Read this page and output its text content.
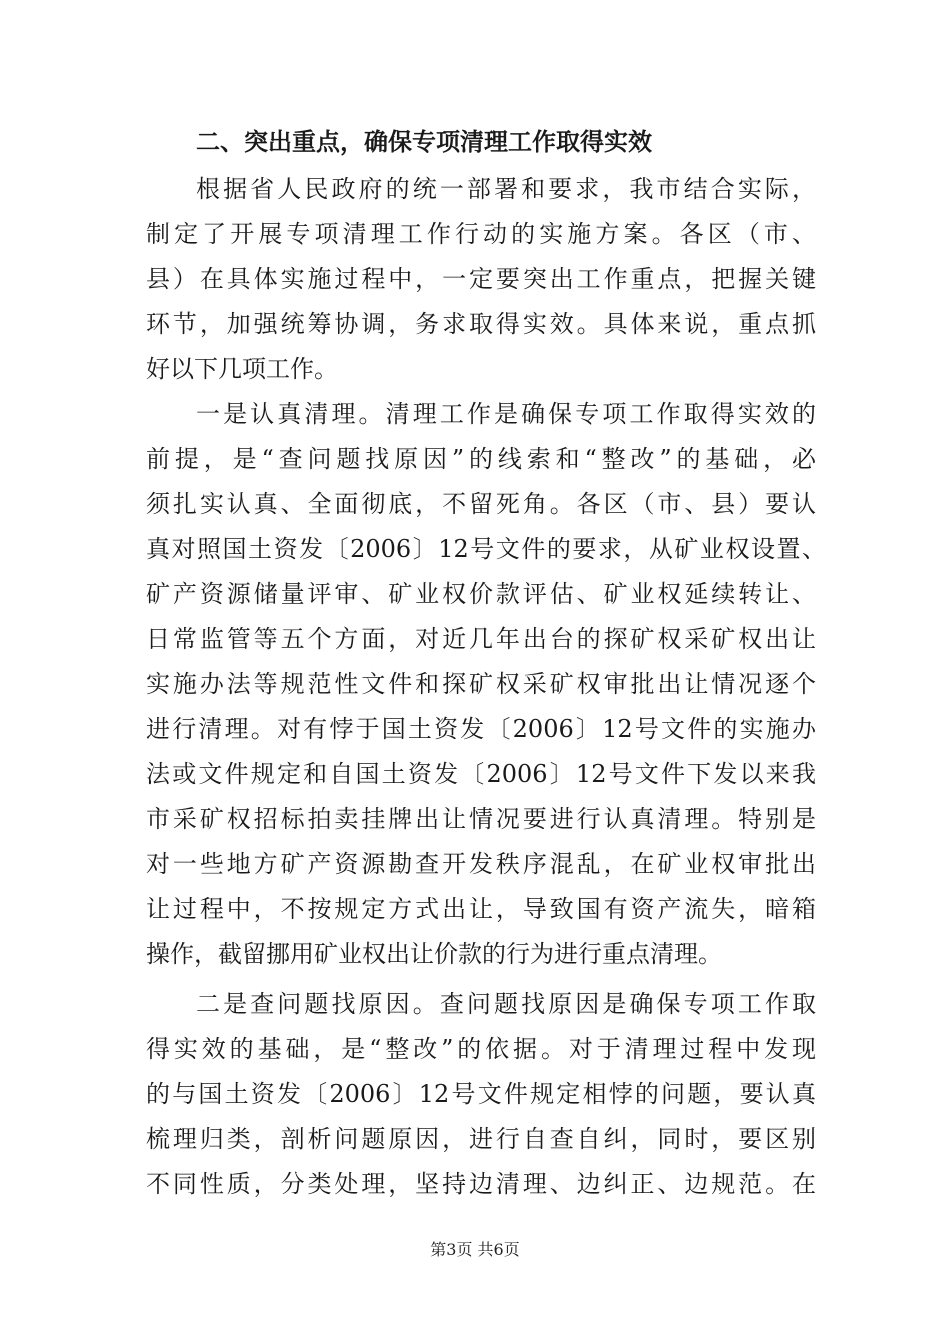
二、突出重点，确保专项清理工作取得实效
根据省人民政府的统一部署和要求，我市结合实际，
制定了开展专项清理工作行动的实施方案。各区（市、
县）在具体实施过程中，一定要突出工作重点，把握关键
环节，加强统筹协调，务求取得实效。具体来说，重点抓
好以下几项工作。
一是认真清理。清理工作是确保专项工作取得实效的
前提，是“查问题找原因”的线索和“整改”的基础，必
须扎实认真、全面彻底，不留死角。各区（市、县）要认
真对照国土资发〔2006〕12号文件的要求，从矿业权设置、
矿产资源储量评审、矿业权价款评估、矿业权延续转让、
日常监管等五个方面，对近几年出台的探矿权采矿权出让
实施办法等规范性文件和探矿权采矿权审批出让情况逐个
进行清理。对有悖于国土资发〔2006〕12号文件的实施办
法或文件规定和自国土资发〔2006〕12号文件下发以来我
市采矿权招标拍卖挂牌出让情况要进行认真清理。特别是
对一些地方矿产资源勘查开发秩序混乱，在矿业权审批出
让过程中，不按规定方式出让，导致国有资产流失，暗箱
操作，截留挪用矿业权出让价款的行为进行重点清理。
二是查问题找原因。查问题找原因是确保专项工作取
得实效的基础，是“整改”的依据。对于清理过程中发现
的与国土资发〔2006〕12号文件规定相悖的问题，要认真
梳理归类，剖析问题原因，进行自查自纠，同时，要区别
不同性质，分类处理，坚持边清理、边纠正、边规范。在
第3页 共6页
